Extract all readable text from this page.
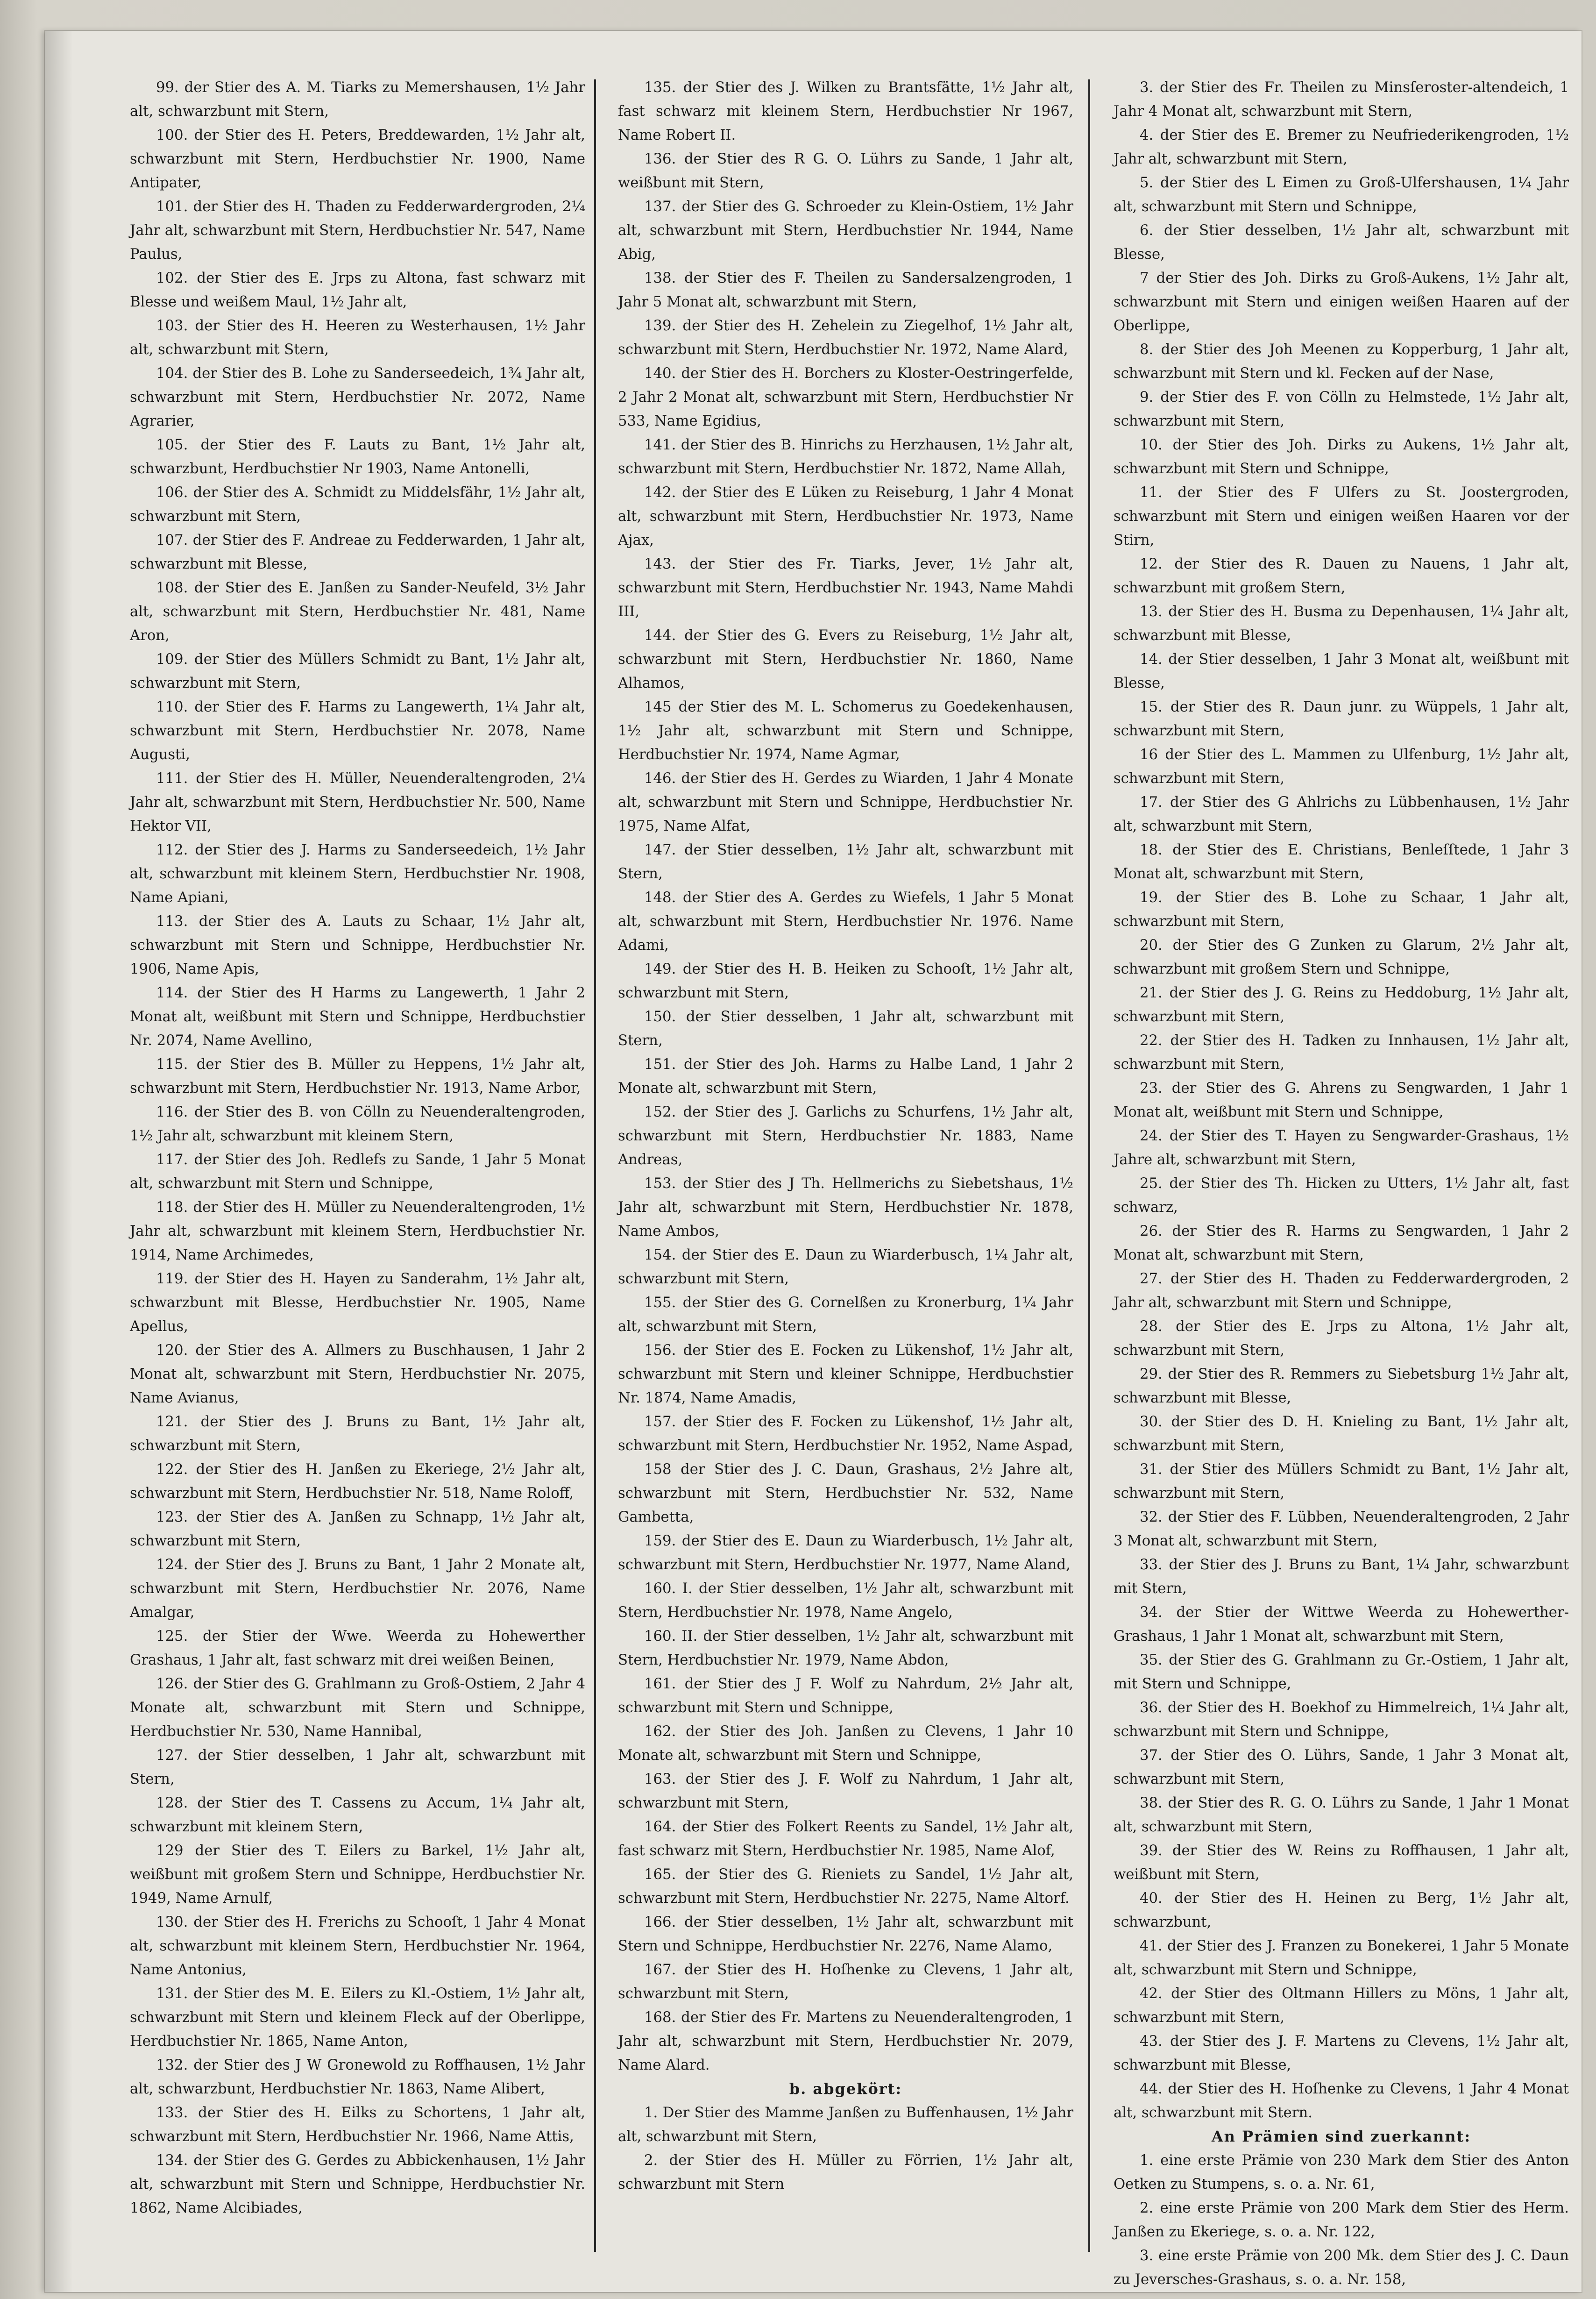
99. der Stier des A. M. Tiarks zu Memershausen, 1½ Jahr alt, schwarzbunt mit Stern,

100. der Stier des H. Peters, Breddewarden, 1½ Jahr alt, schwarzbunt mit Stern, Herdbuchstier Nr. 1900, Name Antipater,

101. der Stier des H. Thaden zu Fedderwardergroden, 2¼ Jahr alt, schwarzbunt mit Stern, Herdbuchstier Nr. 547, Name Paulus,

102. der Stier des E. Jrps zu Altona, fast schwarz mit Blesse und weißem Maul, 1½ Jahr alt,

103. der Stier des H. Heeren zu Westerhausen, 1½ Jahr alt, schwarzbunt mit Stern,

104. der Stier des B. Lohe zu Sanderseedeich, 1¾ Jahr alt, schwarzbunt mit Stern, Herdbuchstier Nr. 2072, Name Agrarier,

105. der Stier des F. Lauts zu Bant, 1½ Jahr alt, schwarzbunt, Herdbuchstier Nr 1903, Name Antonelli,

106. der Stier des A. Schmidt zu Middelsfähr, 1½ Jahr alt, schwarzbunt mit Stern,

107. der Stier des F. Andreae zu Fedderwarden, 1 Jahr alt, schwarzbunt mit Blesse,

108. der Stier des E. Janßen zu Sander-Neufeld, 3½ Jahr alt, schwarzbunt mit Stern, Herdbuchstier Nr. 481, Name Aron,

109. der Stier des Müllers Schmidt zu Bant, 1½ Jahr alt, schwarzbunt mit Stern,

110. der Stier des F. Harms zu Langewerth, 1¼ Jahr alt, schwarzbunt mit Stern, Herdbuchstier Nr. 2078, Name Augusti,

111. der Stier des H. Müller, Neuenderaltengroden, 2¼ Jahr alt, schwarzbunt mit Stern, Herdbuchstier Nr. 500, Name Hektor VII,

112. der Stier des J. Harms zu Sanderseedeich, 1½ Jahr alt, schwarzbunt mit kleinem Stern, Herdbuchstier Nr. 1908, Name Apiani,

113. der Stier des A. Lauts zu Schaar, 1½ Jahr alt, schwarzbunt mit Stern und Schnippe, Herdbuchstier Nr. 1906, Name Apis,

114. der Stier des H Harms zu Langewerth, 1 Jahr 2 Monat alt, weißbunt mit Stern und Schnippe, Herdbuchstier Nr. 2074, Name Avellino,

115. der Stier des B. Müller zu Heppens, 1½ Jahr alt, schwarzbunt mit Stern, Herdbuchstier Nr. 1913, Name Arbor,

116. der Stier des B. von Cölln zu Neuenderaltengroden, 1½ Jahr alt, schwarzbunt mit kleinem Stern,

117. der Stier des Joh. Redlefs zu Sande, 1 Jahr 5 Monat alt, schwarzbunt mit Stern und Schnippe,

118. der Stier des H. Müller zu Neuenderaltengroden, 1½ Jahr alt, schwarzbunt mit kleinem Stern, Herdbuchstier Nr. 1914, Name Archimedes,

119. der Stier des H. Hayen zu Sanderahm, 1½ Jahr alt, schwarzbunt mit Blesse, Herdbuchstier Nr. 1905, Name Apellus,

120. der Stier des A. Allmers zu Buschhausen, 1 Jahr 2 Monat alt, schwarzbunt mit Stern, Herdbuchstier Nr. 2075, Name Avianus,

121. der Stier des J. Bruns zu Bant, 1½ Jahr alt, schwarzbunt mit Stern,

122. der Stier des H. Janßen zu Ekeriege, 2½ Jahr alt, schwarzbunt mit Stern, Herdbuchstier Nr. 518, Name Roloff,

123. der Stier des A. Janßen zu Schnapp, 1½ Jahr alt, schwarzbunt mit Stern,

124. der Stier des J. Bruns zu Bant, 1 Jahr 2 Monate alt, schwarzbunt mit Stern, Herdbuchstier Nr. 2076, Name Amalgar,

125. der Stier der Wwe. Weerda zu Hohewerther Grashaus, 1 Jahr alt, fast schwarz mit drei weißen Beinen,

126. der Stier des G. Grahlmann zu Groß-Ostiem, 2 Jahr 4 Monate alt, schwarzbunt mit Stern und Schnippe, Herdbuchstier Nr. 530, Name Hannibal,

127. der Stier desselben, 1 Jahr alt, schwarzbunt mit Stern,

128. der Stier des T. Cassens zu Accum, 1¼ Jahr alt, schwarzbunt mit kleinem Stern,

129 der Stier des T. Eilers zu Barkel, 1½ Jahr alt, weißbunt mit großem Stern und Schnippe, Herdbuchstier Nr. 1949, Name Arnulf,

130. der Stier des H. Frerichs zu Schooſt, 1 Jahr 4 Monat alt, schwarzbunt mit kleinem Stern, Herdbuchstier Nr. 1964, Name Antonius,

131. der Stier des M. E. Eilers zu Kl.-Ostiem, 1½ Jahr alt, schwarzbunt mit Stern und kleinem Fleck auf der Oberlippe, Herdbuchstier Nr. 1865, Name Anton,

132. der Stier des J W Gronewold zu Roffhausen, 1½ Jahr alt, schwarzbunt, Herdbuchstier Nr. 1863, Name Alibert,

133. der Stier des H. Eilks zu Schortens, 1 Jahr alt, schwarzbunt mit Stern, Herdbuchstier Nr. 1966, Name Attis,

134. der Stier des G. Gerdes zu Abbickenhausen, 1½ Jahr alt, schwarzbunt mit Stern und Schnippe, Herdbuchstier Nr. 1862, Name Alcibiades,

135. der Stier des J. Wilken zu Brantsfätte, 1½ Jahr alt, fast schwarz mit kleinem Stern, Herdbuchstier Nr 1967, Name Robert II.

136. der Stier des R G. O. Lührs zu Sande, 1 Jahr alt, weißbunt mit Stern,

137. der Stier des G. Schroeder zu Klein-Ostiem, 1½ Jahr alt, schwarzbunt mit Stern, Herdbuchstier Nr. 1944, Name Abig,

138. der Stier des F. Theilen zu Sandersalzengroden, 1 Jahr 5 Monat alt, schwarzbunt mit Stern,

139. der Stier des H. Zehelein zu Ziegelhof, 1½ Jahr alt, schwarzbunt mit Stern, Herdbuchstier Nr. 1972, Name Alard,

140. der Stier des H. Borchers zu Kloster-Oestringerfelde, 2 Jahr 2 Monat alt, schwarzbunt mit Stern, Herdbuchstier Nr 533, Name Egidius,

141. der Stier des B. Hinrichs zu Herzhausen, 1½ Jahr alt, schwarzbunt mit Stern, Herdbuchstier Nr. 1872, Name Allah,

142. der Stier des E Lüken zu Reiseburg, 1 Jahr 4 Monat alt, schwarzbunt mit Stern, Herdbuchstier Nr. 1973, Name Ajax,

143. der Stier des Fr. Tiarks, Jever, 1½ Jahr alt, schwarzbunt mit Stern, Herdbuchstier Nr. 1943, Name Mahdi III,

144. der Stier des G. Evers zu Reiseburg, 1½ Jahr alt, schwarzbunt mit Stern, Herdbuchstier Nr. 1860, Name Alhamos,

145 der Stier des M. L. Schomerus zu Goedekenhausen, 1½ Jahr alt, schwarzbunt mit Stern und Schnippe, Herdbuchstier Nr. 1974, Name Agmar,

146. der Stier des H. Gerdes zu Wiarden, 1 Jahr 4 Monate alt, schwarzbunt mit Stern und Schnippe, Herdbuchstier Nr. 1975, Name Alfat,

147. der Stier desselben, 1½ Jahr alt, schwarzbunt mit Stern,

148. der Stier des A. Gerdes zu Wiefels, 1 Jahr 5 Monat alt, schwarzbunt mit Stern, Herdbuchstier Nr. 1976. Name Adami,

149. der Stier des H. B. Heiken zu Schooſt, 1½ Jahr alt, schwarzbunt mit Stern,

150. der Stier desselben, 1 Jahr alt, schwarzbunt mit Stern,

151. der Stier des Joh. Harms zu Halbe Land, 1 Jahr 2 Monate alt, schwarzbunt mit Stern,

152. der Stier des J. Garlichs zu Schurfens, 1½ Jahr alt, schwarzbunt mit Stern, Herdbuchstier Nr. 1883, Name Andreas,

153. der Stier des J Th. Hellmerichs zu Siebetshaus, 1½ Jahr alt, schwarzbunt mit Stern, Herdbuchstier Nr. 1878, Name Ambos,

154. der Stier des E. Daun zu Wiarderbusch, 1¼ Jahr alt, schwarzbunt mit Stern,

155. der Stier des G. Cornelßen zu Kronerburg, 1¼ Jahr alt, schwarzbunt mit Stern,

156. der Stier des E. Focken zu Lükenshof, 1½ Jahr alt, schwarzbunt mit Stern und kleiner Schnippe, Herdbuchstier Nr. 1874, Name Amadis,

157. der Stier des F. Focken zu Lükenshof, 1½ Jahr alt, schwarzbunt mit Stern, Herdbuchstier Nr. 1952, Name Aspad,

158 der Stier des J. C. Daun, Grashaus, 2½ Jahre alt, schwarzbunt mit Stern, Herdbuchstier Nr. 532, Name Gambetta,

159. der Stier des E. Daun zu Wiarderbusch, 1½ Jahr alt, schwarzbunt mit Stern, Herdbuchstier Nr. 1977, Name Aland,

160. I. der Stier desselben, 1½ Jahr alt, schwarzbunt mit Stern, Herdbuchstier Nr. 1978, Name Angelo,

160. II. der Stier desselben, 1½ Jahr alt, schwarzbunt mit Stern, Herdbuchstier Nr. 1979, Name Abdon,

161. der Stier des J F. Wolf zu Nahrdum, 2½ Jahr alt, schwarzbunt mit Stern und Schnippe,

162. der Stier des Joh. Janßen zu Clevens, 1 Jahr 10 Monate alt, schwarzbunt mit Stern und Schnippe,

163. der Stier des J. F. Wolf zu Nahrdum, 1 Jahr alt, schwarzbunt mit Stern,

164. der Stier des Folkert Reents zu Sandel, 1½ Jahr alt, fast schwarz mit Stern, Herdbuchstier Nr. 1985, Name Alof,

165. der Stier des G. Rieniets zu Sandel, 1½ Jahr alt, schwarzbunt mit Stern, Herdbuchstier Nr. 2275, Name Altorf.

166. der Stier desselben, 1½ Jahr alt, schwarzbunt mit Stern und Schnippe, Herdbuchstier Nr. 2276, Name Alamo,

167. der Stier des H. Hoſhenke zu Clevens, 1 Jahr alt, schwarzbunt mit Stern,

168. der Stier des Fr. Martens zu Neuenderaltengroden, 1 Jahr alt, schwarzbunt mit Stern, Herdbuchstier Nr. 2079, Name Alard.

b. abgekört:

1. Der Stier des Mamme Janßen zu Buffenhausen, 1½ Jahr alt, schwarzbunt mit Stern,

2. der Stier des H. Müller zu Förrien, 1½ Jahr alt, schwarzbunt mit Stern

3. der Stier des Fr. Theilen zu Minsſeroster-altendeich, 1 Jahr 4 Monat alt, schwarzbunt mit Stern,

4. der Stier des E. Bremer zu Neufriederikengroden, 1½ Jahr alt, schwarzbunt mit Stern,

5. der Stier des L Eimen zu Groß-Ulfershausen, 1¼ Jahr alt, schwarzbunt mit Stern und Schnippe,

6. der Stier desselben, 1½ Jahr alt, schwarzbunt mit Blesse,

7 der Stier des Joh. Dirks zu Groß-Aukens, 1½ Jahr alt, schwarzbunt mit Stern und einigen weißen Haaren auf der Oberlippe,

8. der Stier des Joh Meenen zu Kopperburg, 1 Jahr alt, schwarzbunt mit Stern und kl. Fecken auf der Nase,

9. der Stier des F. von Cölln zu Helmstede, 1½ Jahr alt, schwarzbunt mit Stern,

10. der Stier des Joh. Dirks zu Aukens, 1½ Jahr alt, schwarzbunt mit Stern und Schnippe,

11. der Stier des F Ulfers zu St. Joostergroden, schwarzbunt mit Stern und einigen weißen Haaren vor der Stirn,

12. der Stier des R. Dauen zu Nauens, 1 Jahr alt, schwarzbunt mit großem Stern,

13. der Stier des H. Busma zu Depenhausen, 1¼ Jahr alt, schwarzbunt mit Blesse,

14. der Stier desselben, 1 Jahr 3 Monat alt, weißbunt mit Blesse,

15. der Stier des R. Daun junr. zu Wüppels, 1 Jahr alt, schwarzbunt mit Stern,

16 der Stier des L. Mammen zu Ulfenburg, 1½ Jahr alt, schwarzbunt mit Stern,

17. der Stier des G Ahlrichs zu Lübbenhausen, 1½ Jahr alt, schwarzbunt mit Stern,

18. der Stier des E. Christians, Benleſſtede, 1 Jahr 3 Monat alt, schwarzbunt mit Stern,

19. der Stier des B. Lohe zu Schaar, 1 Jahr alt, schwarzbunt mit Stern,

20. der Stier des G Zunken zu Glarum, 2½ Jahr alt, schwarzbunt mit großem Stern und Schnippe,

21. der Stier des J. G. Reins zu Heddoburg, 1½ Jahr alt, schwarzbunt mit Stern,

22. der Stier des H. Tadken zu Innhausen, 1½ Jahr alt, schwarzbunt mit Stern,

23. der Stier des G. Ahrens zu Sengwarden, 1 Jahr 1 Monat alt, weißbunt mit Stern und Schnippe,

24. der Stier des T. Hayen zu Sengwarder-Grashaus, 1½ Jahre alt, schwarzbunt mit Stern,

25. der Stier des Th. Hicken zu Utters, 1½ Jahr alt, fast schwarz,

26. der Stier des R. Harms zu Sengwarden, 1 Jahr 2 Monat alt, schwarzbunt mit Stern,

27. der Stier des H. Thaden zu Fedderwardergroden, 2 Jahr alt, schwarzbunt mit Stern und Schnippe,

28. der Stier des E. Jrps zu Altona, 1½ Jahr alt, schwarzbunt mit Stern,

29. der Stier des R. Remmers zu Siebetsburg 1½ Jahr alt, schwarzbunt mit Blesse,

30. der Stier des D. H. Knieling zu Bant, 1½ Jahr alt, schwarzbunt mit Stern,

31. der Stier des Müllers Schmidt zu Bant, 1½ Jahr alt, schwarzbunt mit Stern,

32. der Stier des F. Lübben, Neuenderaltengroden, 2 Jahr 3 Monat alt, schwarzbunt mit Stern,

33. der Stier des J. Bruns zu Bant, 1¼ Jahr, schwarzbunt mit Stern,

34. der Stier der Wittwe Weerda zu Hohewerther-Grashaus, 1 Jahr 1 Monat alt, schwarzbunt mit Stern,

35. der Stier des G. Grahlmann zu Gr.-Ostiem, 1 Jahr alt, mit Stern und Schnippe,

36. der Stier des H. Boekhof zu Himmelreich, 1¼ Jahr alt, schwarzbunt mit Stern und Schnippe,

37. der Stier des O. Lührs, Sande, 1 Jahr 3 Monat alt, schwarzbunt mit Stern,

38. der Stier des R. G. O. Lührs zu Sande, 1 Jahr 1 Monat alt, schwarzbunt mit Stern,

39. der Stier des W. Reins zu Roffhausen, 1 Jahr alt, weißbunt mit Stern,

40. der Stier des H. Heinen zu Berg, 1½ Jahr alt, schwarzbunt,

41. der Stier des J. Franzen zu Bonekerei, 1 Jahr 5 Monate alt, schwarzbunt mit Stern und Schnippe,

42. der Stier des Oltmann Hillers zu Möns, 1 Jahr alt, schwarzbunt mit Stern,

43. der Stier des J. F. Martens zu Clevens, 1½ Jahr alt, schwarzbunt mit Blesse,

44. der Stier des H. Hoſhenke zu Clevens, 1 Jahr 4 Monat alt, schwarzbunt mit Stern.

An Prämien sind zuerkannt:

1. eine erste Prämie von 230 Mark dem Stier des Anton Oetken zu Stumpens, s. o. a. Nr. 61,

2. eine erste Prämie von 200 Mark dem Stier des Herm. Janßen zu Ekeriege, s. o. a. Nr. 122,

3. eine erste Prämie von 200 Mk. dem Stier des J. C. Daun zu Jeversches-Grashaus, s. o. a. Nr. 158,
